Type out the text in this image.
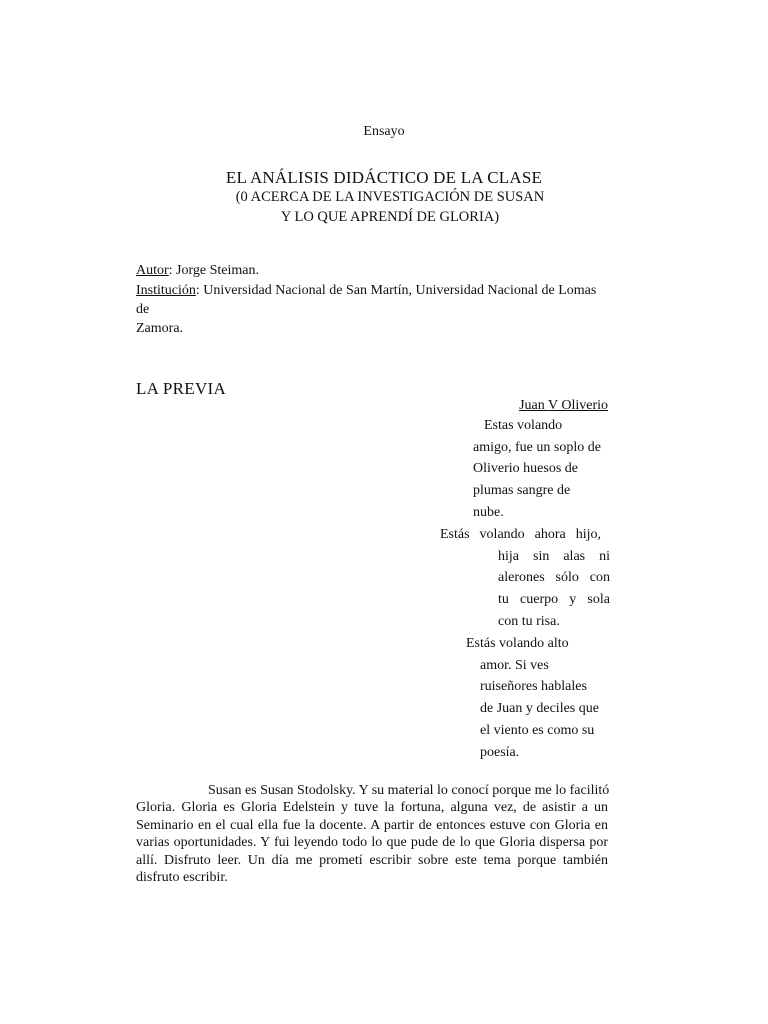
Ensayo
EL ANÁLISIS DIDÁCTICO DE LA CLASE
(0 ACERCA DE LA INVESTIGACIÓN DE SUSAN
Y LO QUE APRENDÍ DE GLORIA)
Autor: Jorge Steiman.
Institución: Universidad Nacional de San Martín, Universidad Nacional de Lomas de
Zamora.
LA PREVIA
Juan V Oliverio
Estas volando
amigo, fue un soplo de
Oliverio huesos de
plumas sangre de
nube.
Estás volando ahora hijo,
hija sin alas ni
alerones sólo con
tu cuerpo y sola
con tu risa.
Estás volando alto
amor. Si ves
ruiseñores hablales
de Juan y deciles que
el viento es como su
poesía.
Susan es Susan Stodolsky. Y su material lo conocí porque me lo facilitó
Gloria. Gloria es Gloria Edelstein y tuve la fortuna, alguna vez, de asistir a un
Seminario en el cual ella fue la docente. A partir de entonces estuve con Gloria en
varias oportunidades. Y fui leyendo todo lo que pude de lo que Gloria dispersa por
allí. Disfruto leer. Un día me prometí escribir sobre este tema porque también
disfruto escribir.
